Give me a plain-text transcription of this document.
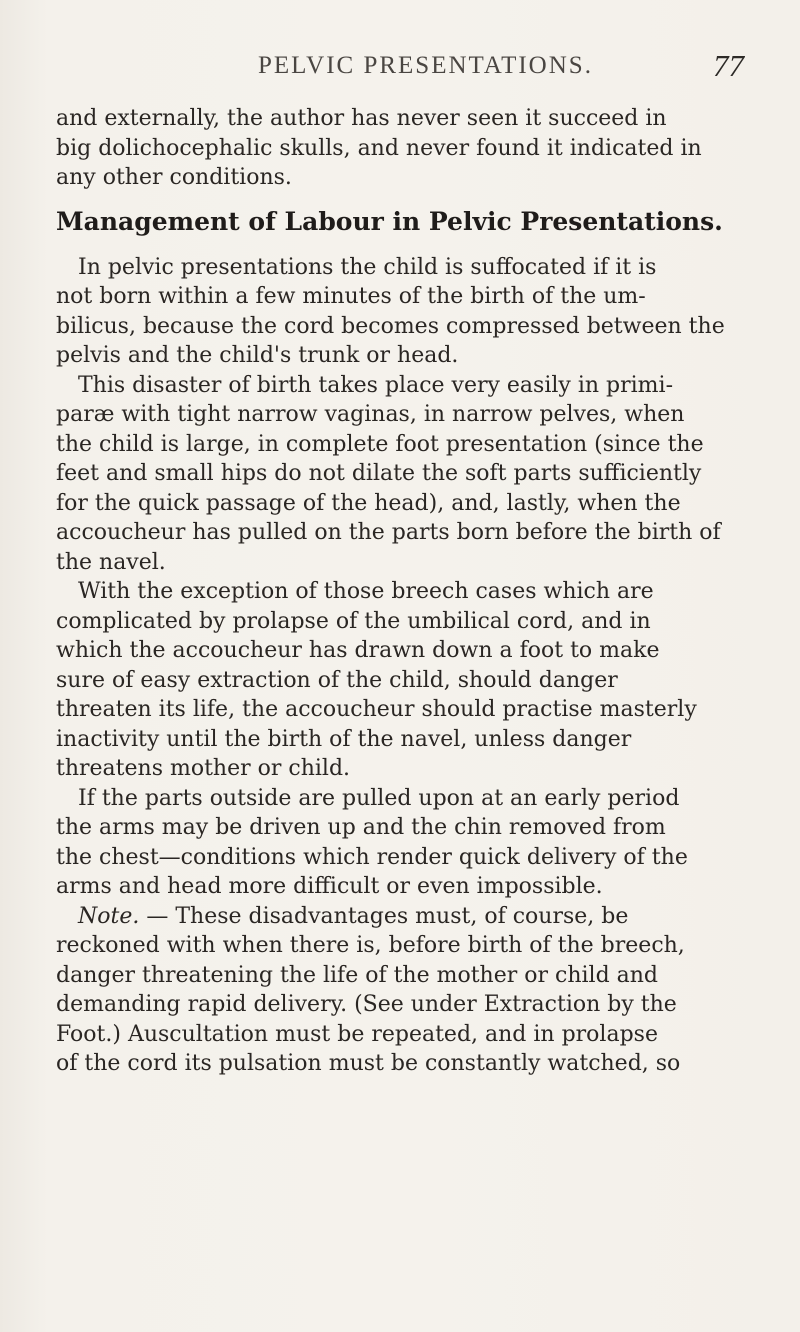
PELVIC PRESENTATIONS.	77
and externally, the author has never seen it succeed in
big dolichocephalic skulls, and never found it indicated in
any other conditions.
Management of Labour in Pelvic Presentations.
In pelvic presentations the child is suffocated if it is
not born within a few minutes of the birth of the um-
bilicus, because the cord becomes compressed between the
pelvis and the child's trunk or head.
This disaster of birth takes place very easily in primi-
paræ with tight narrow vaginas, in narrow pelves, when
the child is large, in complete foot presentation (since the
feet and small hips do not dilate the soft parts sufficiently
for the quick passage of the head), and, lastly, when the
accoucheur has pulled on the parts born before the birth of
the navel.
With the exception of those breech cases which are
complicated by prolapse of the umbilical cord, and in
which the accoucheur has drawn down a foot to make
sure of easy extraction of the child, should danger
threaten its life, the accoucheur should practise masterly
inactivity until the birth of the navel, unless danger
threatens mother or child.
If the parts outside are pulled upon at an early period
the arms may be driven up and the chin removed from
the chest—conditions which render quick delivery of the
arms and head more difficult or even impossible.
Note. — These disadvantages must, of course, be
reckoned with when there is, before birth of the breech,
danger threatening the life of the mother or child and
demanding rapid delivery. (See under Extraction by the
Foot.) Auscultation must be repeated, and in prolapse
of the cord its pulsation must be constantly watched, so
